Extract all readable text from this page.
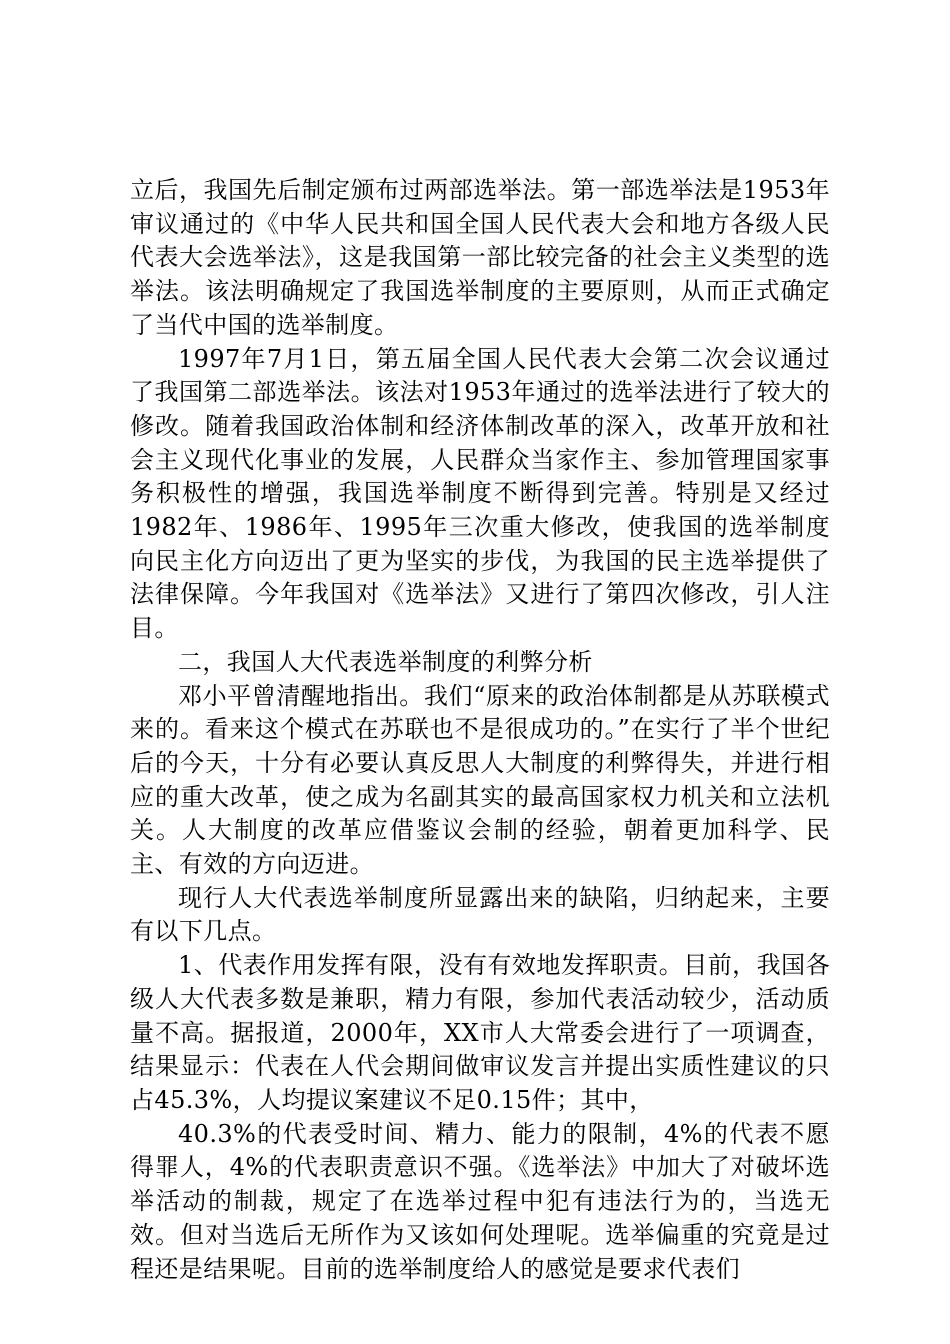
立后，我国先后制定颁布过两部选举法。第一部选举法是1953年审议通过的《中华人民共和国全国人民代表大会和地方各级人民代表大会选举法》，这是我国第一部比较完备的社会主义类型的选举法。该法明确规定了我国选举制度的主要原则，从而正式确定了当代中国的选举制度。

1997年7月1日，第五届全国人民代表大会第二次会议通过了我国第二部选举法。该法对1953年通过的选举法进行了较大的修改。随着我国政治体制和经济体制改革的深入，改革开放和社会主义现代化事业的发展，人民群众当家作主、参加管理国家事务积极性的增强，我国选举制度不断得到完善。特别是又经过1982年、1986年、1995年三次重大修改，使我国的选举制度向民主化方向迈出了更为坚实的步伐，为我国的民主选举提供了法律保障。今年我国对《选举法》又进行了第四次修改，引人注目。

二，我国人大代表选举制度的利弊分析

邓小平曾清醒地指出。我们“原来的政治体制都是从苏联模式来的。看来这个模式在苏联也不是很成功的。”在实行了半个世纪后的今天，十分有必要认真反思人大制度的利弊得失，并进行相应的重大改革，使之成为名副其实的最高国家权力机关和立法机关。人大制度的改革应借鉴议会制的经验，朝着更加科学、民主、有效的方向迈进。

现行人大代表选举制度所显露出来的缺陷，归纳起来，主要有以下几点。

1、代表作用发挥有限，没有有效地发挥职责。目前，我国各级人大代表多数是兼职，精力有限，参加代表活动较少，活动质量不高。据报道，2000年，XX市人大常委会进行了一项调查，结果显示：代表在人代会期间做审议发言并提出实质性建议的只占45.3%，人均提议案建议不足0.15件；其中，

40.3%的代表受时间、精力、能力的限制，4%的代表不愿得罪人，4%的代表职责意识不强。《选举法》中加大了对破坏选举活动的制裁，规定了在选举过程中犯有违法行为的，当选无效。但对当选后无所作为又该如何处理呢。选举偏重的究竟是过程还是结果呢。目前的选举制度给人的感觉是要求代表们
